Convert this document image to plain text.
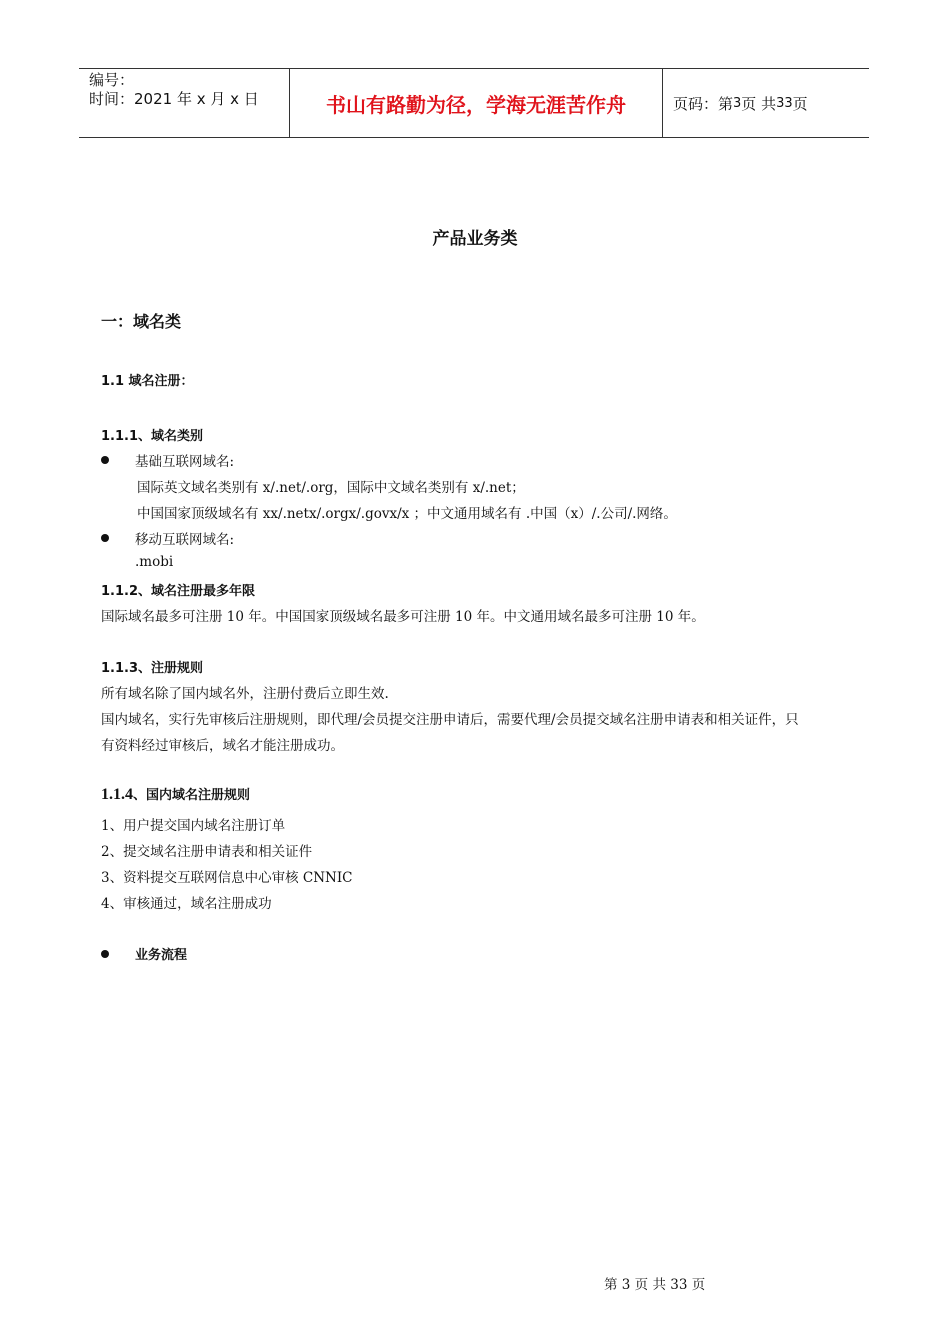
编号：
时间：2021 年 x 月 x 日	书山有路勤为径，学海无涯苦作舟	页码：第 3 页 共 33 页
产品业务类
一：域名类
1.1 域名注册：
1.1.1、域名类别
基础互联网域名:
国际英文域名类别有 x/.net/.org，国际中文域名类别有 x/.net；
中国国家顶级域名有 xx/.netx/.orgx/.govx/x ；中文通用域名有 .中国（x）/.公司/.网络。
移动互联网域名:
.mobi
1.1.2、域名注册最多年限
国际域名最多可注册 10 年。中国国家顶级域名最多可注册 10 年。中文通用域名最多可注册 10 年。
1.1.3、注册规则
所有域名除了国内域名外，注册付费后立即生效.
国内域名，实行先审核后注册规则，即代理/会员提交注册申请后，需要代理/会员提交域名注册申请表和相关证件，只
有资料经过审核后，域名才能注册成功。
1.1.4、国内域名注册规则
1、用户提交国内域名注册订单
2、提交域名注册申请表和相关证件
3、资料提交互联网信息中心审核 CNNIC
4、审核通过，域名注册成功
业务流程
第 3 页 共 33 页
